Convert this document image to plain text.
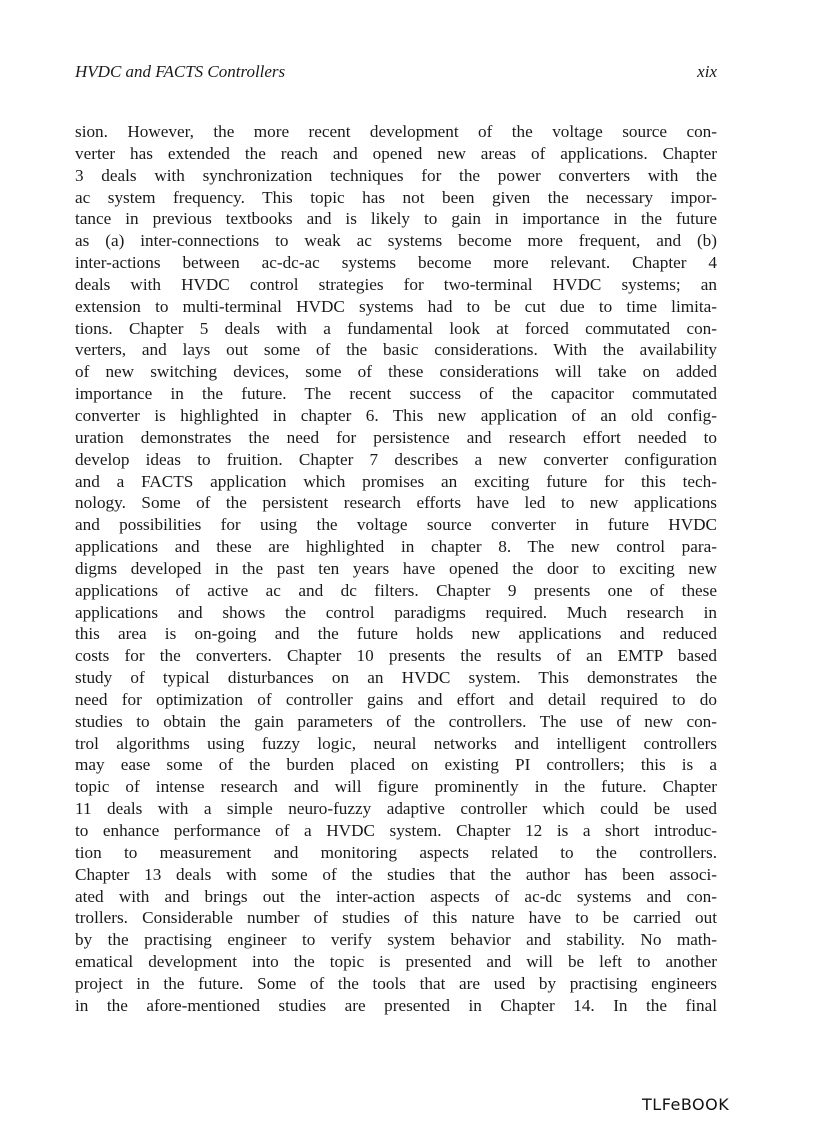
HVDC and FACTS Controllers	xix
sion. However, the more recent development of the voltage source con-
verter has extended the reach and opened new areas of applications. Chapter
3 deals with synchronization techniques for the power converters with the
ac system frequency. This topic has not been given the necessary impor-
tance in previous textbooks and is likely to gain in importance in the future
as (a) inter-connections to weak ac systems become more frequent, and (b)
inter-actions between ac-dc-ac systems become more relevant. Chapter 4
deals with HVDC control strategies for two-terminal HVDC systems; an
extension to multi-terminal HVDC systems had to be cut due to time limita-
tions. Chapter 5 deals with a fundamental look at forced commutated con-
verters, and lays out some of the basic considerations. With the availability
of new switching devices, some of these considerations will take on added
importance in the future. The recent success of the capacitor commutated
converter is highlighted in chapter 6. This new application of an old config-
uration demonstrates the need for persistence and research effort needed to
develop ideas to fruition. Chapter 7 describes a new converter configuration
and a FACTS application which promises an exciting future for this tech-
nology. Some of the persistent research efforts have led to new applications
and possibilities for using the voltage source converter in future HVDC
applications and these are highlighted in chapter 8. The new control para-
digms developed in the past ten years have opened the door to exciting new
applications of active ac and dc filters. Chapter 9 presents one of these
applications and shows the control paradigms required. Much research in
this area is on-going and the future holds new applications and reduced
costs for the converters. Chapter 10 presents the results of an EMTP based
study of typical disturbances on an HVDC system. This demonstrates the
need for optimization of controller gains and effort and detail required to do
studies to obtain the gain parameters of the controllers. The use of new con-
trol algorithms using fuzzy logic, neural networks and intelligent controllers
may ease some of the burden placed on existing PI controllers; this is a
topic of intense research and will figure prominently in the future. Chapter
11 deals with a simple neuro-fuzzy adaptive controller which could be used
to enhance performance of a HVDC system. Chapter 12 is a short introduc-
tion to measurement and monitoring aspects related to the controllers.
Chapter 13 deals with some of the studies that the author has been associ-
ated with and brings out the inter-action aspects of ac-dc systems and con-
trollers. Considerable number of studies of this nature have to be carried out
by the practising engineer to verify system behavior and stability. No math-
ematical development into the topic is presented and will be left to another
project in the future. Some of the tools that are used by practising engineers
in the afore-mentioned studies are presented in Chapter 14. In the final
TLFeBOOK
